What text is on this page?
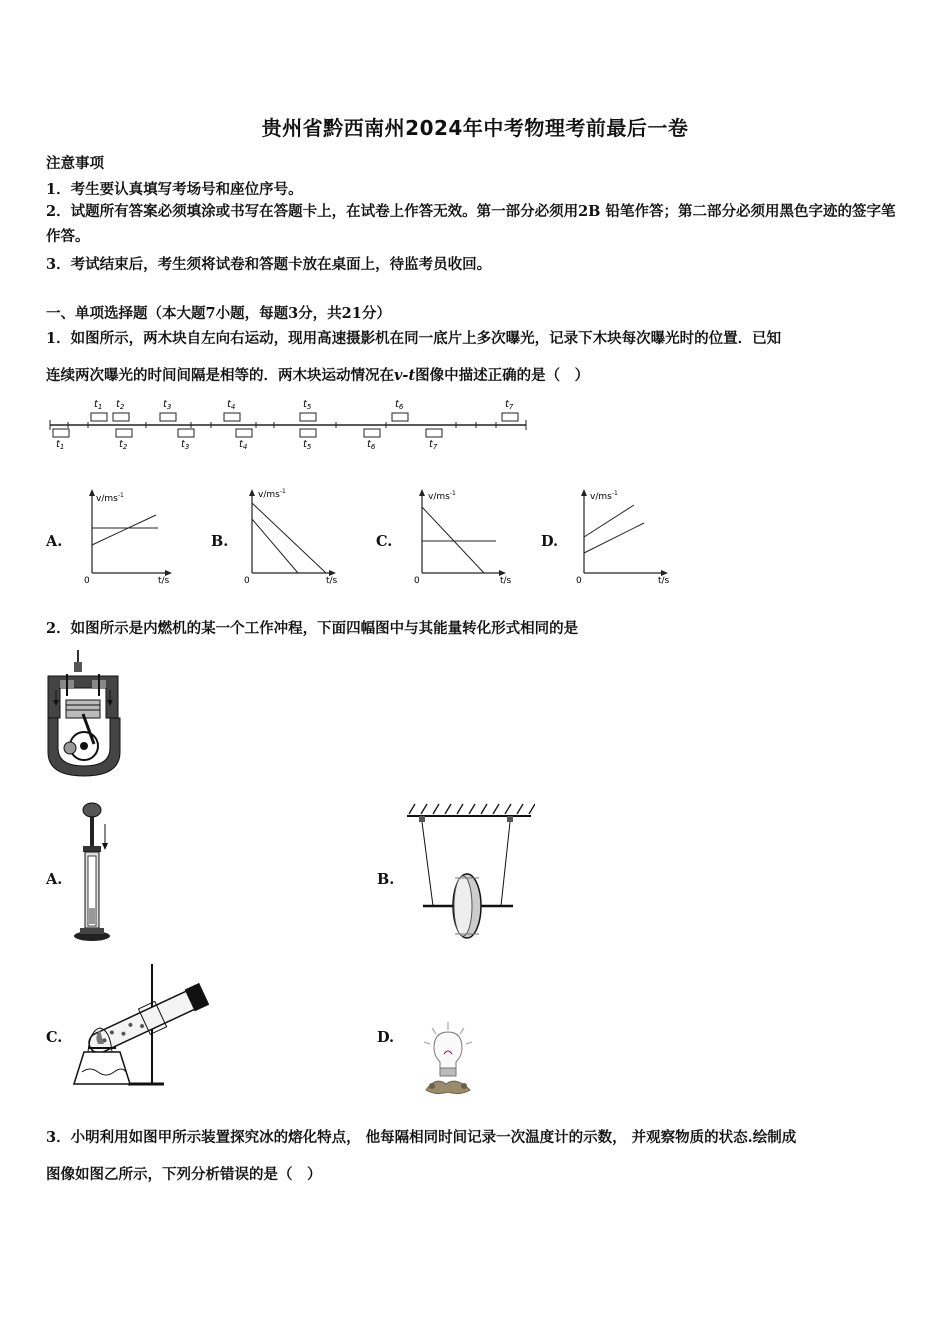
贵州省黔西南州2024年中考物理考前最后一卷
注意事项
1．考生要认真填写考场号和座位序号。
2．试题所有答案必须填涂或书写在答题卡上，在试卷上作答无效。第一部分必须用2B 铅笔作答；第二部分必须用黑色字迹的签字笔作答。
3．考试结束后，考生须将试卷和答题卡放在桌面上，待监考员收回。
一、单项选择题（本大题7小题，每题3分，共21分）
1．如图所示，两木块自左向右运动，现用高速摄影机在同一底片上多次曝光，记录下木块每次曝光时的位置．已知
连续两次曝光的时间间隔是相等的．两木块运动情况在v-t图像中描述正确的是（　）
$t_1$ $t_2$	$t_3$	$t_4$	$t_5$	$t_6$	$t_7$
$t_1$	$t_2$	$t_3$	$t_4$	$t_5$	$t_6$	$t_7$
A.	B.	C.	D.
$v/ms^{-1}$
t/s
0
$v/ms^{-1}$
t/s
0
$v/ms^{-1}$
t/s
0
$v/ms^{-1}$
t/s
0
2．如图所示是内燃机的某一个工作冲程，下面四幅图中与其能量转化形式相同的是
A.	B.
C.	D.
3．小明利用如图甲所示装置探究冰的熔化特点， 他每隔相同时间记录一次温度计的示数， 并观察物质的状态.绘制成
图像如图乙所示，下列分析错误的是（　）
